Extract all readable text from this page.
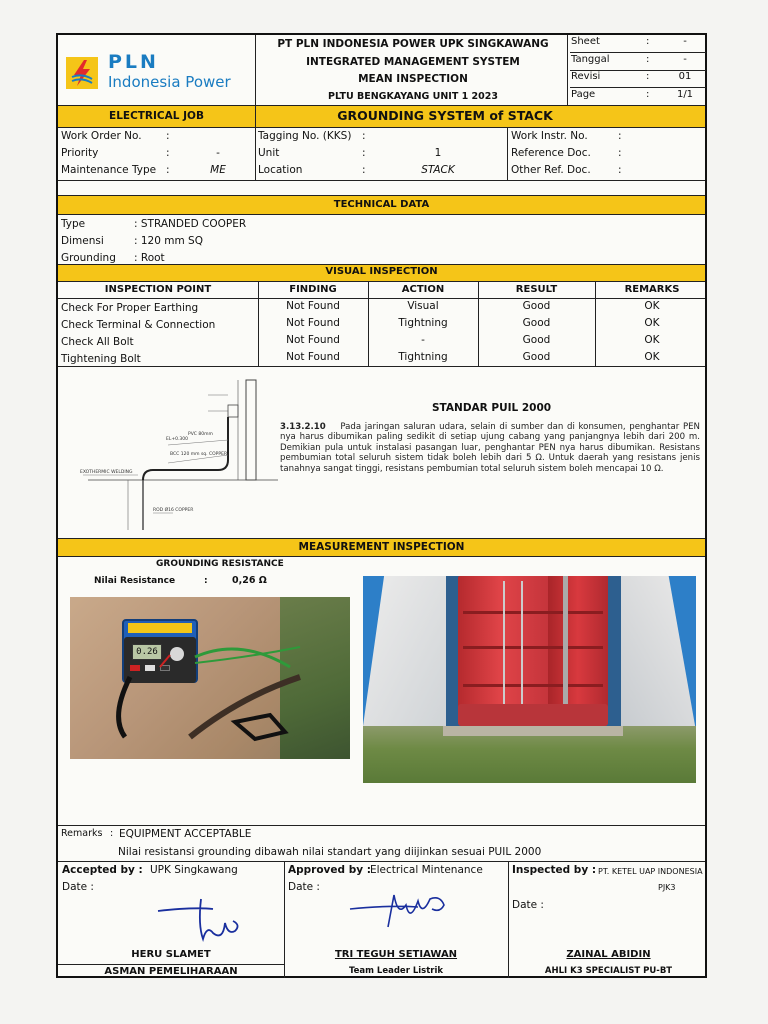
PLN
Indonesia Power
PT PLN INDONESIA POWER UPK SINGKAWANG
INTEGRATED MANAGEMENT SYSTEM
MEAN INSPECTION
PLTU BENGKAYANG UNIT 1 2023
Sheet	:	-
Tanggal	:	-
Revisi	:	01
Page	:	1/1
ELECTRICAL JOB	GROUNDING SYSTEM of STACK
Work Order No. :
Priority	:	-
Maintenance Type :	ME
Tagging No. (KKS) :
Unit	:	1
Location	:	STACK
Work Instr. No.	:
Reference Doc.	:
Other Ref. Doc.	:
TECHNICAL DATA
Type	: STRANDED COOPER
Dimensi	: 120 mm SQ
Grounding : Root
VISUAL INSPECTION
INSPECTION POINT	FINDING	ACTION	RESULT	REMARKS
Check For Proper Earthing	Not Found	Visual	Good	OK
Check Terminal & Connection	Not Found	Tightning	Good	OK
Check All Bolt	Not Found	-	Good	OK
Tightening Bolt	Not Found	Tightning	Good	OK
PVC 80mm
BCC 120 mm sq. COPPER
EL+0.300
EXOTHERMIC WELDING
ROD Ø16 COPPER
STANDAR PUIL 2000
3.13.2.10 Pada jaringan saluran udara, selain di sumber dan di konsumen, penghantar PEN nya harus dibumikan paling sedikit di setiap ujung cabang yang panjangnya lebih dari 200 m. Demikian pula untuk instalasi pasangan luar, penghantar PEN nya harus dibumikan. Resistans pembumian total seluruh sistem tidak boleh lebih dari 5 Ω. Untuk daerah yang resistans jenis tanahnya sangat tinggi, resistans pembumian total seluruh sistem boleh mencapai 10 Ω.
MEASUREMENT INSPECTION
GROUNDING RESISTANCE
Nilai Resistance	:	0,26 Ω
0.26
Remarks : EQUIPMENT ACCEPTABLE
Nilai resistansi grounding dibawah nilai standart yang diijinkan sesuai PUIL 2000
Accepted by : UPK Singkawang
Date :
HERU SLAMET
ASMAN PEMELIHARAAN
Approved by : Electrical Mintenance
Date :
TRI TEGUH SETIAWAN
Team Leader Listrik
Inspected by : PT. KETEL UAP INDONESIA
PJK3
Date :
ZAINAL ABIDIN
AHLI K3 SPECIALIST PU-BT
